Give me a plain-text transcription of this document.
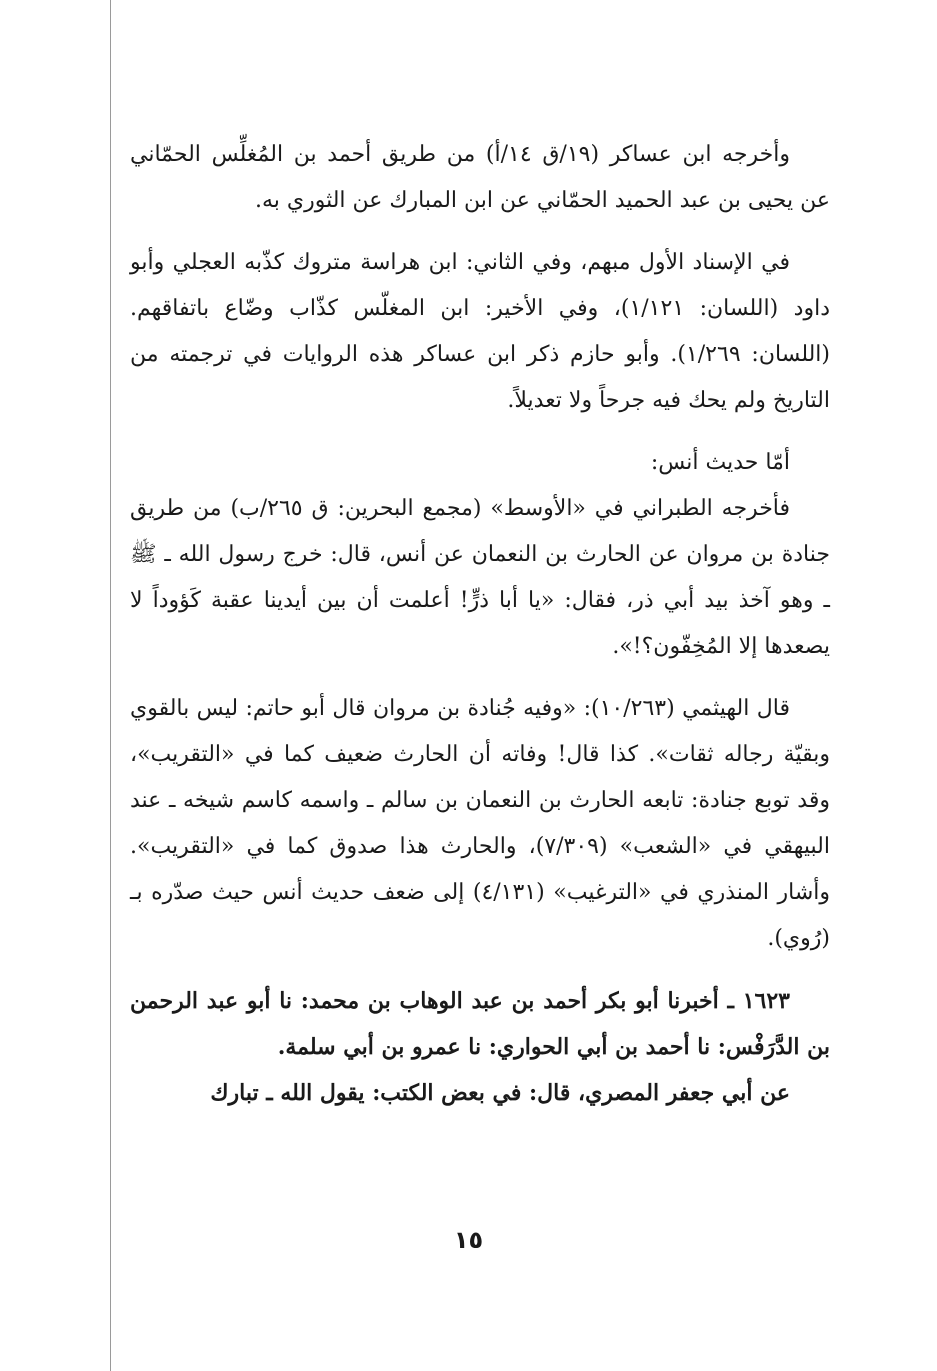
وأخرجه ابن عساكر (١٩/ق ١٤/أ) من طريق أحمد بن المُغلِّس الحمّاني عن يحيى بن عبد الحميد الحمّاني عن ابن المبارك عن الثوري به.

في الإسناد الأول مبهم، وفي الثاني: ابن هراسة متروك كذّبه العجلي وأبو داود (اللسان: ١/١٢١)، وفي الأخير: ابن المغلّس كذّاب وضّاع باتفاقهم. (اللسان: ١/٢٦٩). وأبو حازم ذكر ابن عساكر هذه الروايات في ترجمته من التاريخ ولم يحك فيه جرحاً ولا تعديلاً.

أمّا حديث أنس:

فأخرجه الطبراني في «الأوسط» (مجمع البحرين: ق ٢٦٥/ب) من طريق جنادة بن مروان عن الحارث بن النعمان عن أنس، قال: خرج رسول الله ـ ﷺ ـ وهو آخذ بيد أبي ذر، فقال: «يا أبا ذرٍّ! أعلمت أن بين أيدينا عقبة كَؤوداً لا يصعدها إلا المُخِفّون؟!».

قال الهيثمي (١٠/٢٦٣): «وفيه جُنادة بن مروان قال أبو حاتم: ليس بالقوي وبقيّة رجاله ثقات». كذا قال! وفاته أن الحارث ضعيف كما في «التقريب»، وقد توبع جنادة: تابعه الحارث بن النعمان بن سالم ـ واسمه كاسم شيخه ـ عند البيهقي في «الشعب» (٧/٣٠٩)، والحارث هذا صدوق كما في «التقريب». وأشار المنذري في «الترغيب» (٤/١٣١) إلى ضعف حديث أنس حيث صدّره بـ (رُوي).

١٦٢٣ ـ أخبرنا أبو بكر أحمد بن عبد الوهاب بن محمد: نا أبو عبد الرحمن بن الدَّرَفْس: نا أحمد بن أبي الحواري: نا عمرو بن أبي سلمة.

عن أبي جعفر المصري، قال: في بعض الكتب: يقول الله ـ تبارك

١٥
